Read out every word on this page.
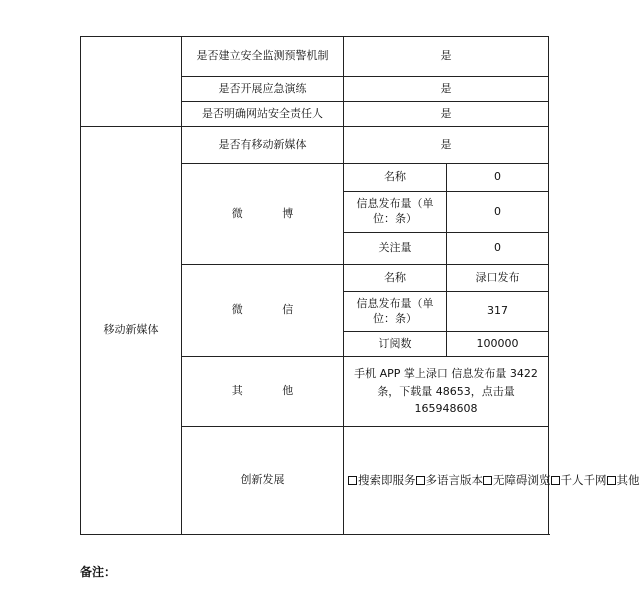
	是否建立安全监测预警机制	是	
	是否开展应急演练	是	
	是否明确网站安全责任人	是	
移动新媒体	是否有移动新媒体	是	
	微 博	名称	0
		信息发布量（单位：条）	0
		关注量	0
	微 信	名称	渌口发布
		信息发布量（单位：条）	317
		订阅数	100000
	其 他	手机 APP 掌上渌口 信息发布量 3422 条，下载量 48653，点击量 165948608	
	创新发展	搜索即服务 多语言版本 无障碍浏览 千人千网 其他	
备注：
